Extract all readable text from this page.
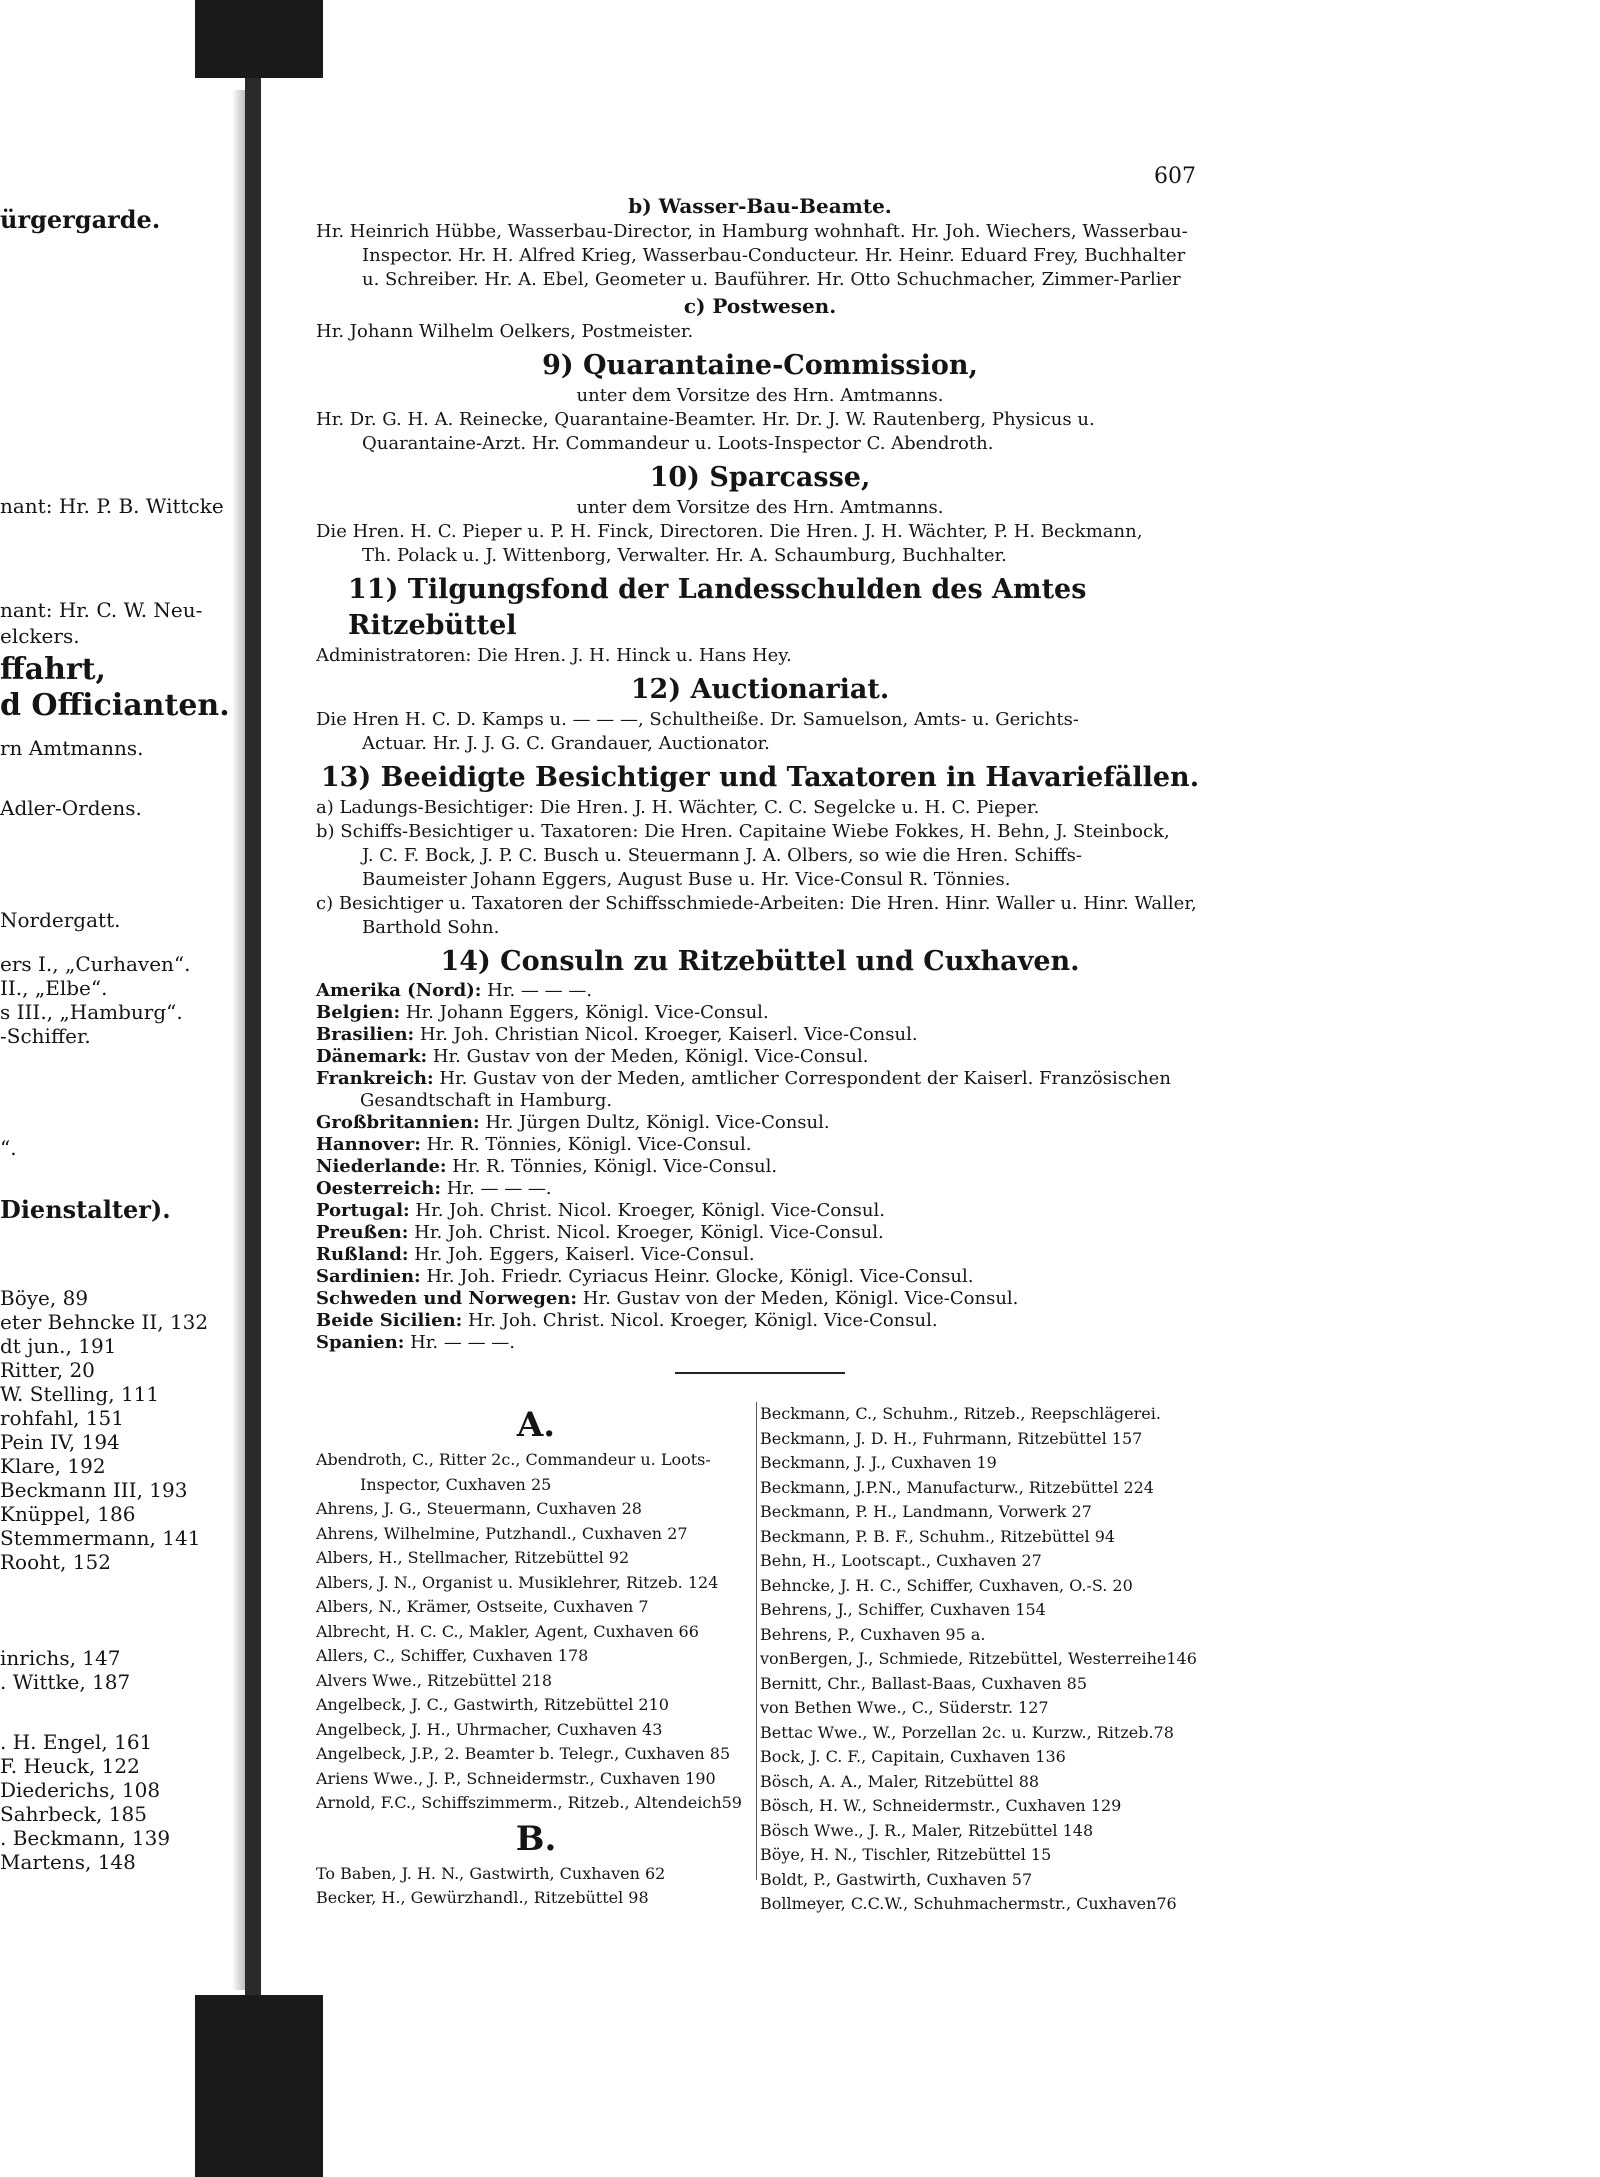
ürgergarde.
nant: Hr. P. B. Wittcke
nant: Hr. C. W. Neu-
elckers.
ffahrt,
d Officianten.
rn Amtmanns.
Adler-Ordens.
Nordergatt.
ers I., „Curhaven“.
II., „Elbe“.
s III., „Hamburg“.
-Schiffer.
“.
Dienstalter).
Böye, 89
eter Behncke II, 132
dt jun., 191
Ritter, 20
W. Stelling, 111
rohfahl, 151
Pein IV, 194
Klare, 192
Beckmann III, 193
Knüppel, 186
Stemmermann, 141
Rooht, 152
inrichs, 147
. Wittke, 187
. H. Engel, 161
F. Heuck, 122
Diederichs, 108
Sahrbeck, 185
. Beckmann, 139
Martens, 148
607
b) Wasser-Bau-Beamte.
Hr. Heinrich Hübbe, Wasserbau-Director, in Hamburg wohnhaft. Hr. Joh. Wiechers, Wasserbau-
Inspector. Hr. H. Alfred Krieg, Wasserbau-Conducteur. Hr. Heinr. Eduard Frey, Buchhalter
u. Schreiber. Hr. A. Ebel, Geometer u. Bauführer. Hr. Otto Schuchmacher, Zimmer-Parlier
c) Postwesen.
Hr. Johann Wilhelm Oelkers, Postmeister.
9) Quarantaine-Commission,
unter dem Vorsitze des Hrn. Amtmanns.
Hr. Dr. G. H. A. Reinecke, Quarantaine-Beamter. Hr. Dr. J. W. Rautenberg, Physicus u.
Quarantaine-Arzt. Hr. Commandeur u. Loots-Inspector C. Abendroth.
10) Sparcasse,
unter dem Vorsitze des Hrn. Amtmanns.
Die Hren. H. C. Pieper u. P. H. Finck, Directoren. Die Hren. J. H. Wächter, P. H. Beckmann,
Th. Polack u. J. Wittenborg, Verwalter. Hr. A. Schaumburg, Buchhalter.
11) Tilgungsfond der Landesschulden des Amtes Ritzebüttel
Administratoren: Die Hren. J. H. Hinck u. Hans Hey.
12) Auctionariat.
Die Hren H. C. D. Kamps u. — — —, Schultheiße. Dr. Samuelson, Amts- u. Gerichts-
Actuar. Hr. J. J. G. C. Grandauer, Auctionator.
13) Beeidigte Besichtiger und Taxatoren in Havariefällen.
a) Ladungs-Besichtiger: Die Hren. J. H. Wächter, C. C. Segelcke u. H. C. Pieper.
b) Schiffs-Besichtiger u. Taxatoren: Die Hren. Capitaine Wiebe Fokkes, H. Behn, J. Steinbock,
J. C. F. Bock, J. P. C. Busch u. Steuermann J. A. Olbers, so wie die Hren. Schiffs-
Baumeister Johann Eggers, August Buse u. Hr. Vice-Consul R. Tönnies.
c) Besichtiger u. Taxatoren der Schiffsschmiede-Arbeiten: Die Hren. Hinr. Waller u. Hinr. Waller,
Barthold Sohn.
14) Consuln zu Ritzebüttel und Cuxhaven.
Amerika (Nord): Hr. — — —.
Belgien: Hr. Johann Eggers, Königl. Vice-Consul.
Brasilien: Hr. Joh. Christian Nicol. Kroeger, Kaiserl. Vice-Consul.
Dänemark: Hr. Gustav von der Meden, Königl. Vice-Consul.
Frankreich: Hr. Gustav von der Meden, amtlicher Correspondent der Kaiserl. Französischen
Gesandtschaft in Hamburg.
Großbritannien: Hr. Jürgen Dultz, Königl. Vice-Consul.
Hannover: Hr. R. Tönnies, Königl. Vice-Consul.
Niederlande: Hr. R. Tönnies, Königl. Vice-Consul.
Oesterreich: Hr. — — —.
Portugal: Hr. Joh. Christ. Nicol. Kroeger, Königl. Vice-Consul.
Preußen: Hr. Joh. Christ. Nicol. Kroeger, Königl. Vice-Consul.
Rußland: Hr. Joh. Eggers, Kaiserl. Vice-Consul.
Sardinien: Hr. Joh. Friedr. Cyriacus Heinr. Glocke, Königl. Vice-Consul.
Schweden und Norwegen: Hr. Gustav von der Meden, Königl. Vice-Consul.
Beide Sicilien: Hr. Joh. Christ. Nicol. Kroeger, Königl. Vice-Consul.
Spanien: Hr. — — —.
A.
Abendroth, C., Ritter 2c., Commandeur u. Loots-
Inspector, Cuxhaven 25
Ahrens, J. G., Steuermann, Cuxhaven 28
Ahrens, Wilhelmine, Putzhandl., Cuxhaven 27
Albers, H., Stellmacher, Ritzebüttel 92
Albers, J. N., Organist u. Musiklehrer, Ritzeb. 124
Albers, N., Krämer, Ostseite, Cuxhaven 7
Albrecht, H. C. C., Makler, Agent, Cuxhaven 66
Allers, C., Schiffer, Cuxhaven 178
Alvers Wwe., Ritzebüttel 218
Angelbeck, J. C., Gastwirth, Ritzebüttel 210
Angelbeck, J. H., Uhrmacher, Cuxhaven 43
Angelbeck, J.P., 2. Beamter b. Telegr., Cuxhaven 85
Ariens Wwe., J. P., Schneidermstr., Cuxhaven 190
Arnold, F.C., Schiffszimmerm., Ritzeb., Altendeich59
B.
To Baben, J. H. N., Gastwirth, Cuxhaven 62
Becker, H., Gewürzhandl., Ritzebüttel 98
Beckmann, C., Schuhm., Ritzeb., Reepschlägerei.
Beckmann, J. D. H., Fuhrmann, Ritzebüttel 157
Beckmann, J. J., Cuxhaven 19
Beckmann, J.P.N., Manufacturw., Ritzebüttel 224
Beckmann, P. H., Landmann, Vorwerk 27
Beckmann, P. B. F., Schuhm., Ritzebüttel 94
Behn, H., Lootscapt., Cuxhaven 27
Behncke, J. H. C., Schiffer, Cuxhaven, O.-S. 20
Behrens, J., Schiffer, Cuxhaven 154
Behrens, P., Cuxhaven 95 a.
vonBergen, J., Schmiede, Ritzebüttel, Westerreihe146
Bernitt, Chr., Ballast-Baas, Cuxhaven 85
von Bethen Wwe., C., Süderstr. 127
Bettac Wwe., W., Porzellan 2c. u. Kurzw., Ritzeb.78
Bock, J. C. F., Capitain, Cuxhaven 136
Bösch, A. A., Maler, Ritzebüttel 88
Bösch, H. W., Schneidermstr., Cuxhaven 129
Bösch Wwe., J. R., Maler, Ritzebüttel 148
Böye, H. N., Tischler, Ritzebüttel 15
Boldt, P., Gastwirth, Cuxhaven 57
Bollmeyer, C.C.W., Schuhmachermstr., Cuxhaven76
